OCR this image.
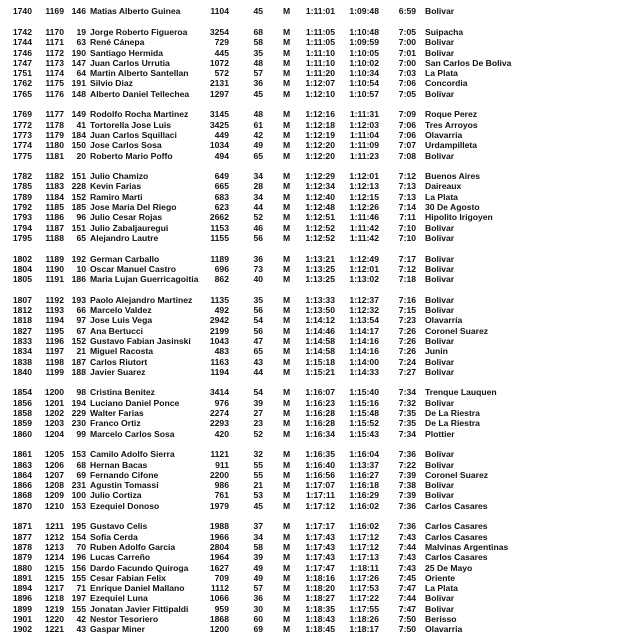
1740	1169 146 Matias Alberto Guinea	1104	45 M	1:11:01 1:09:48	6:59 Bolivar
1742	1170	19 Jorge Roberto Figueroa	3254	68 M	1:11:05 1:10:48	7:05 Suipacha
1744	1171	63 René Cánepa	729	58 M	1:11:05 1:09:59	7:00 Bolivar
1746	1172 190 Santiago Hermida	445	35 M	1:11:10 1:10:05	7:01 Bolivar
1747	1173 147 Juan Carlos Urrutia	1072	48 M	1:11:10 1:10:02	7:00 San Carlos De Boliva
1751	1174	64 Martin Alberto Santellan	572	57 M	1:11:20 1:10:34	7:03 La Plata
1762	1175 191 Silvio Diaz	2131	36 M	1:12:07 1:10:54	7:06 Concordia
1765	1176 148 Alberto Daniel Tellechea	1297	45 M	1:12:10 1:10:57	7:05 Bolivar
1769	1177 149 Rodolfo Rocha Martinez	3145	48 M	1:12:16 1:11:31	7:09 Roque Perez
1772	1178	41 Tortorella Jose Luis	3425	61 M	1:12:18 1:12:03	7:06 Tres Arroyos
1773	1179 184 Juan Carlos Squillaci	449	42 M	1:12:19 1:11:04	7:06 Olavarria
1774	1180 150 Jose Carlos Sosa	1034	49 M	1:12:20 1:11:09	7:07 Urdampilleta
1775	1181	20 Roberto Mario Poffo	494	65 M	1:12:20 1:11:23	7:08 Bolivar
1782	1182 151 Julio Chamizo	649	34 M	1:12:29 1:12:01	7:12 Buenos Aires
1785	1183 228 Kevin Farias	665	28 M	1:12:34 1:12:13	7:13 Daireaux
1789	1184 152 Ramiro Marti	683	34 M	1:12:40 1:12:15	7:13 La Plata
1792	1185 185 Jose Maria Del Riego	623	44 M	1:12:48 1:12:26	7:14 30 De Agosto
1793	1186	96 Julio Cesar Rojas	2662	52 M	1:12:51 1:11:46	7:11 Hipolito Irigoyen
1794	1187 151 Julio Zabaljauregui	1153	46 M	1:12:52 1:11:42	7:10 Bolivar
1795	1188	65 Alejandro Lautre	1155	56 M	1:12:52 1:11:42	7:10 Bolivar
1802	1189 192 German Carballo	1189	36 M	1:13:21 1:12:49	7:17 Bolivar
1804	1190	10 Oscar Manuel Castro	696	73 M	1:13:25 1:12:01	7:12 Bolivar
1805	1191 186 Maria Lujan Guerricagoitia	862	40 M	1:13:25 1:13:02	7:18 Bolivar
1807	1192 193 Paolo Alejandro Martinez	1135	35 M	1:13:33 1:12:37	7:16 Bolivar
1812	1193	66 Marcelo Valdez	492	56 M	1:13:50 1:12:32	7:15 Bolivar
1818	1194	97 Jose Luis Vega	2942	54 M	1:14:12 1:13:54	7:23 Olavarría
1827	1195	67 Ana Bertucci	2199	56 M	1:14:46 1:14:17	7:26 Coronel Suarez
1833	1196 152 Gustavo Fabian Jasinski	1043	47 M	1:14:58 1:14:16	7:26 Bolivar
1834	1197	21 Miguel Racosta	483	65 M	1:14:58 1:14:16	7:26 Junin
1838	1198 187 Carlos Riutort	1163	43 M	1:15:18 1:14:00	7:24 Bolivar
1840	1199 188 Javier Suarez	1194	44 M	1:15:21 1:14:33	7:27 Bolivar
1854	1200	98 Cristina Benitez	3414	54 M	1:16:07 1:15:40	7:34 Trenque Lauquen
1856	1201 194 Luciano Daniel Ponce	976	39 M	1:16:23 1:15:16	7:32 Bolivar
1858	1202 229 Walter Farias	2274	27 M	1:16:28 1:15:48	7:35 De La Riestra
1859	1203 230 Franco Ortiz	2293	23 M	1:16:28 1:15:52	7:35 De La Riestra
1860	1204	99 Marcelo Carlos Sosa	420	52 M	1:16:34 1:15:43	7:34 Plottier
1861	1205 153 Camilo Adolfo Sierra	1121	32 M	1:16:35 1:16:04	7:36 Bolivar
1863	1206	68 Hernan Bacas	911	55 M	1:16:40 1:13:37	7:22 Bolivar
1864	1207	69 Fernando Cifone	2200	55 M	1:16:56 1:16:27	7:39 Coronel Suarez
1866	1208 231 Agustin Tomassi	986	21 M	1:17:07 1:16:18	7:38 Bolivar
1868	1209 100 Julio Cortiza	761	53 M	1:17:11 1:16:29	7:39 Bolivar
1870	1210 153 Ezequiel Donoso	1979	45 M	1:17:12 1:16:02	7:36 Carlos Casares
1871	1211 195 Gustavo Celis	1988	37 M	1:17:17 1:16:02	7:36 Carlos Casares
1877	1212 154 Sofia Cerda	1966	34 M	1:17:43 1:17:12	7:43 Carlos Casares
1878	1213	70 Ruben Adolfo Garcia	2804	58 M	1:17:43 1:17:12	7:44 Malvinas Argentinas
1879	1214 196 Lucas Carreño	1964	39 M	1:17:43 1:17:13	7:43 Carlos Casares
1880	1215 156 Dardo Facundo Quiroga	1627	49 M	1:17:47 1:18:11	7:43 25 De Mayo
1891	1215 155 Cesar Fabian Felix	709	49 M	1:18:16 1:17:26	7:45 Oriente
1894	1217	71 Enrique Daniel Mallano	1112	57 M	1:18:20 1:17:53	7:47 La Plata
1896	1218 197 Ezequiel Luna	1066	36 M	1:18:27 1:17:22	7:44 Bolivar
1899	1219 155 Jonatan Javier Fittipaldi	959	30 M	1:18:35 1:17:55	7:47 Bolivar
1901	1220	42 Nestor Tesoriero	1868	60 M	1:18:43 1:18:26	7:50 Berisso
1902	1221	43 Gaspar Miner	1200	69 M	1:18:45 1:18:17	7:50 Olavarria
